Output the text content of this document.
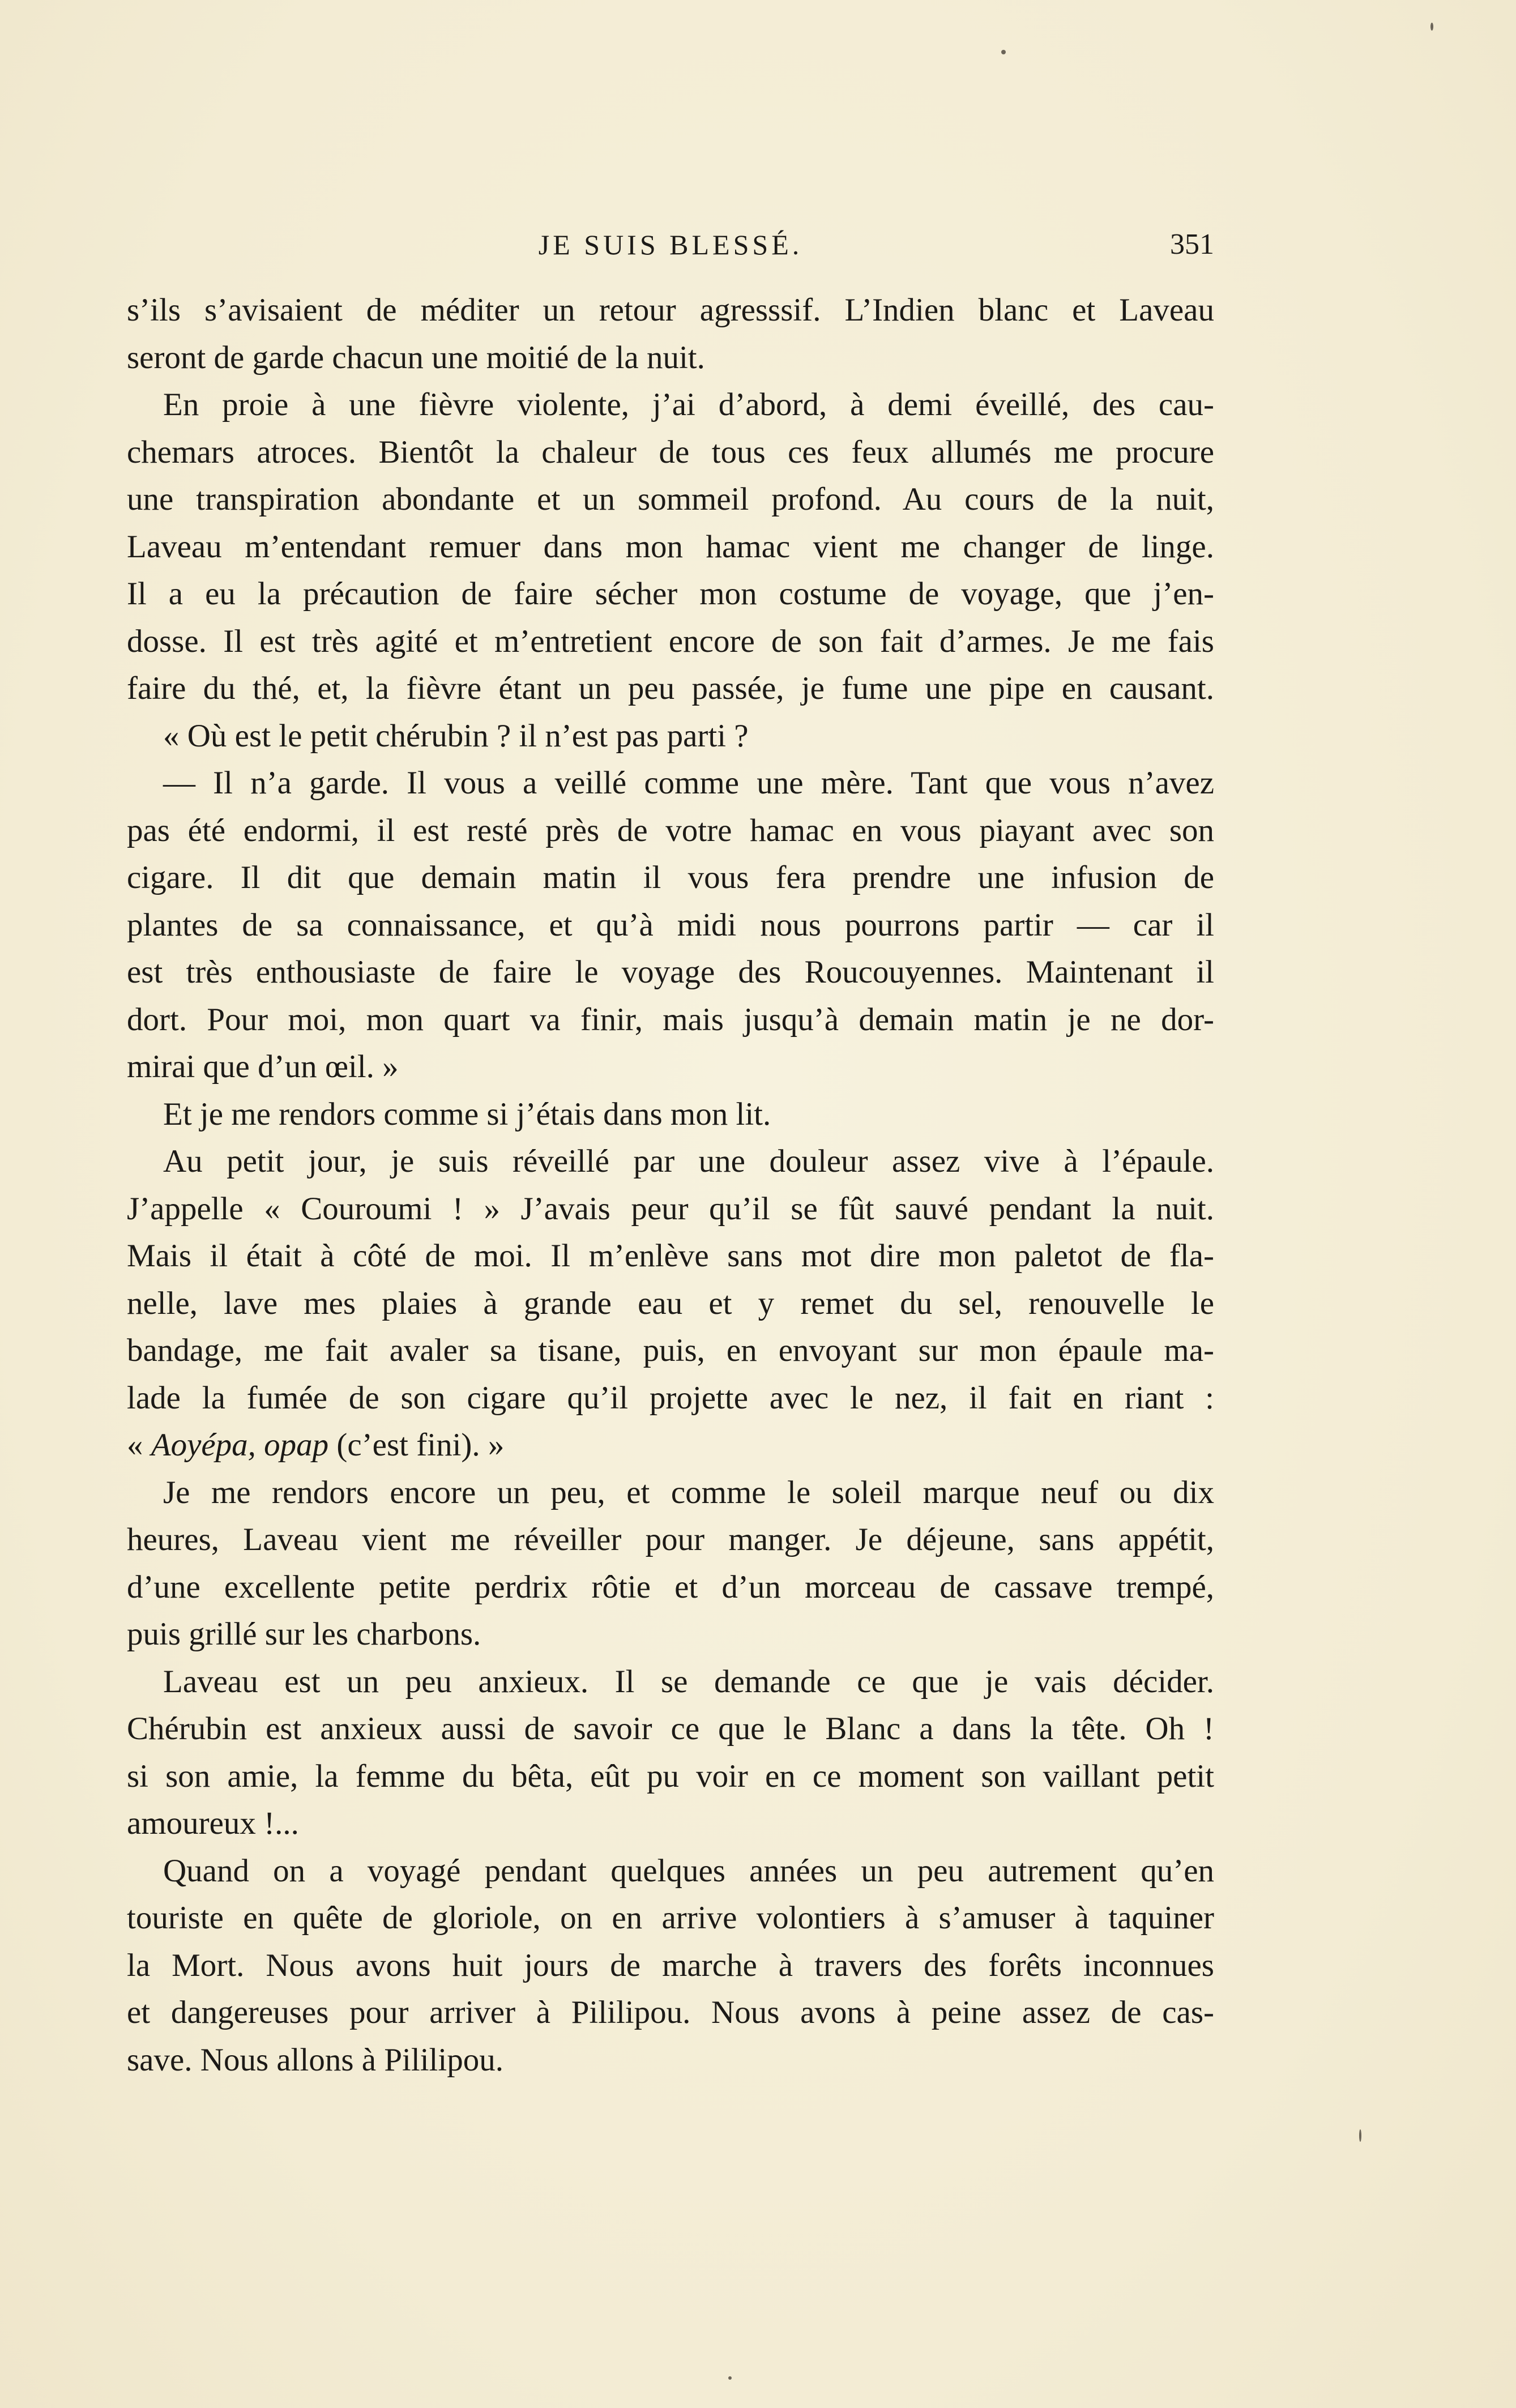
JE SUIS BLESSÉ.	351
s’ils s’avisaient de méditer un retour agresssif. L’Indien blanc et Laveau
seront de garde chacun une moitié de la nuit.
En proie à une fièvre violente, j’ai d’abord, à demi éveillé, des cau-
chemars atroces. Bientôt la chaleur de tous ces feux allumés me procure
une transpiration abondante et un sommeil profond. Au cours de la nuit,
Laveau m’entendant remuer dans mon hamac vient me changer de linge.
Il a eu la précaution de faire sécher mon costume de voyage, que j’en-
dosse. Il est très agité et m’entretient encore de son fait d’armes. Je me fais
faire du thé, et, la fièvre étant un peu passée, je fume une pipe en causant.
« Où est le petit chérubin ? il n’est pas parti ?
— Il n’a garde. Il vous a veillé comme une mère. Tant que vous n’avez
pas été endormi, il est resté près de votre hamac en vous piayant avec son
cigare. Il dit que demain matin il vous fera prendre une infusion de
plantes de sa connaissance, et qu’à midi nous pourrons partir — car il
est très enthousiaste de faire le voyage des Roucouyennes. Maintenant il
dort. Pour moi, mon quart va finir, mais jusqu’à demain matin je ne dor-
mirai que d’un œil. »
Et je me rendors comme si j’étais dans mon lit.
Au petit jour, je suis réveillé par une douleur assez vive à l’épaule.
J’appelle « Couroumi ! » J’avais peur qu’il se fût sauvé pendant la nuit.
Mais il était à côté de moi. Il m’enlève sans mot dire mon paletot de fla-
nelle, lave mes plaies à grande eau et y remet du sel, renouvelle le
bandage, me fait avaler sa tisane, puis, en envoyant sur mon épaule ma-
lade la fumée de son cigare qu’il projette avec le nez, il fait en riant :
« Aoyépa, opap (c’est fini). »
Je me rendors encore un peu, et comme le soleil marque neuf ou dix
heures, Laveau vient me réveiller pour manger. Je déjeune, sans appétit,
d’une excellente petite perdrix rôtie et d’un morceau de cassave trempé,
puis grillé sur les charbons.
Laveau est un peu anxieux. Il se demande ce que je vais décider.
Chérubin est anxieux aussi de savoir ce que le Blanc a dans la tête. Oh !
si son amie, la femme du bêta, eût pu voir en ce moment son vaillant petit
amoureux !...
Quand on a voyagé pendant quelques années un peu autrement qu’en
touriste en quête de gloriole, on en arrive volontiers à s’amuser à taquiner
la Mort. Nous avons huit jours de marche à travers des forêts inconnues
et dangereuses pour arriver à Pililipou. Nous avons à peine assez de cas-
save. Nous allons à Pililipou.
